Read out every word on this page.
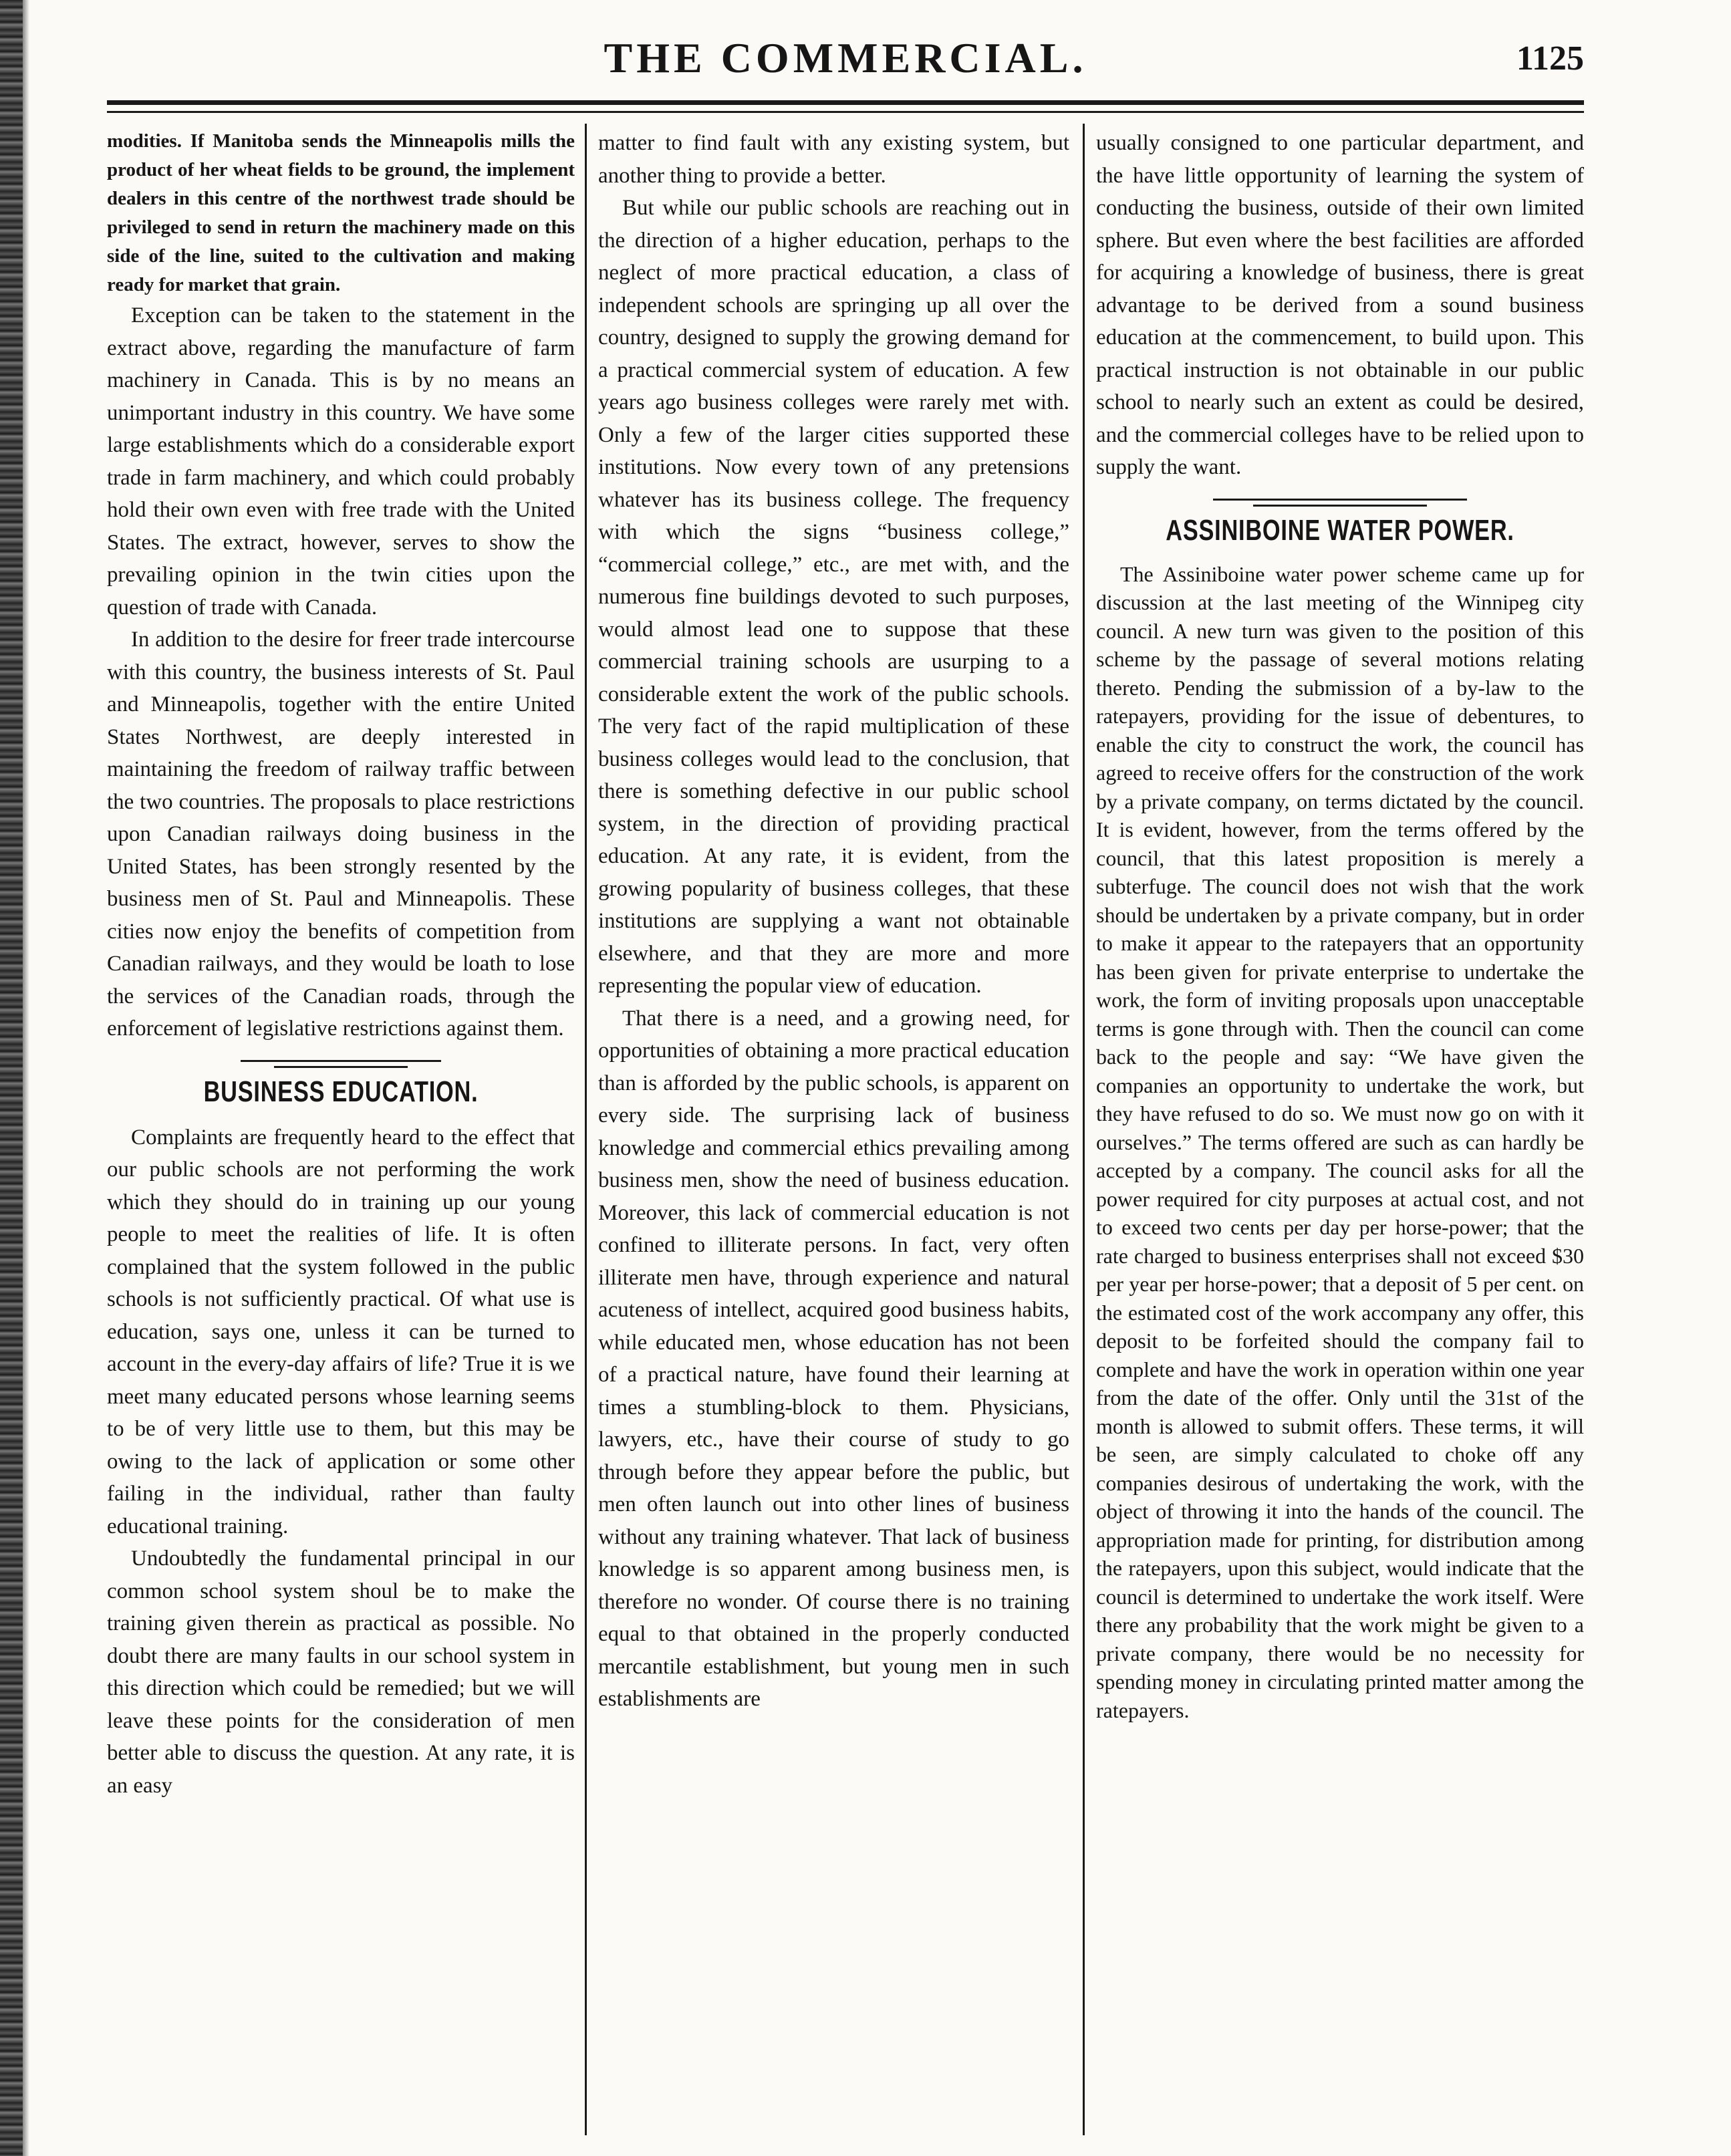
THE COMMERCIAL.	1125

modities. If Manitoba sends the Minneapolis mills the product of her wheat fields to be ground, the implement dealers in this centre of the northwest trade should be privileged to send in return the machinery made on this side of the line, suited to the cultivation and making ready for market that grain.

Exception can be taken to the statement in the extract above, regarding the manufacture of farm machinery in Canada. This is by no means an unimportant industry in this country. We have some large establishments which do a considerable export trade in farm machinery, and which could probably hold their own even with free trade with the United States. The extract, however, serves to show the prevailing opinion in the twin cities upon the question of trade with Canada.

In addition to the desire for freer trade intercourse with this country, the business interests of St. Paul and Minneapolis, together with the entire United States Northwest, are deeply interested in maintaining the freedom of railway traffic between the two countries. The proposals to place restrictions upon Canadian railways doing business in the United States, has been strongly resented by the business men of St. Paul and Minneapolis. These cities now enjoy the benefits of competition from Canadian railways, and they would be loath to lose the services of the Canadian roads, through the enforcement of legislative restrictions against them.

BUSINESS EDUCATION.

Complaints are frequently heard to the effect that our public schools are not performing the work which they should do in training up our young people to meet the realities of life. It is often complained that the system followed in the public schools is not sufficiently practical. Of what use is education, says one, unless it can be turned to account in the every-day affairs of life? True it is we meet many educated persons whose learning seems to be of very little use to them, but this may be owing to the lack of application or some other failing in the individual, rather than faulty educational training.

Undoubtedly the fundamental principal in our common school system shoul be to make the training given therein as practical as possible. No doubt there are many faults in our school system in this direction which could be remedied; but we will leave these points for the consideration of men better able to discuss the question. At any rate, it is an easy

matter to find fault with any existing system, but another thing to provide a better.

But while our public schools are reaching out in the direction of a higher education, perhaps to the neglect of more practical education, a class of independent schools are springing up all over the country, designed to supply the growing demand for a practical commercial system of education. A few years ago business colleges were rarely met with. Only a few of the larger cities supported these institutions. Now every town of any pretensions whatever has its business college. The frequency with which the signs “business college,” “commercial college,” etc., are met with, and the numerous fine buildings devoted to such purposes, would almost lead one to suppose that these commercial training schools are usurping to a considerable extent the work of the public schools. The very fact of the rapid multiplication of these business colleges would lead to the conclusion, that there is something defective in our public school system, in the direction of providing practical education. At any rate, it is evident, from the growing popularity of business colleges, that these institutions are supplying a want not obtainable elsewhere, and that they are more and more representing the popular view of education.

That there is a need, and a growing need, for opportunities of obtaining a more practical education than is afforded by the public schools, is apparent on every side. The surprising lack of business knowledge and commercial ethics prevailing among business men, show the need of business education. Moreover, this lack of commercial education is not confined to illiterate persons. In fact, very often illiterate men have, through experience and natural acuteness of intellect, acquired good business habits, while educated men, whose education has not been of a practical nature, have found their learning at times a stumbling-block to them. Physicians, lawyers, etc., have their course of study to go through before they appear before the public, but men often launch out into other lines of business without any training whatever. That lack of business knowledge is so apparent among business men, is therefore no wonder. Of course there is no training equal to that obtained in the properly conducted mercantile establishment, but young men in such establishments are

usually consigned to one particular department, and the have little opportunity of learning the system of conducting the business, outside of their own limited sphere. But even where the best facilities are afforded for acquiring a knowledge of business, there is great advantage to be derived from a sound business education at the commencement, to build upon. This practical instruction is not obtainable in our public school to nearly such an extent as could be desired, and the commercial colleges have to be relied upon to supply the want.

ASSINIBOINE WATER POWER.

The Assiniboine water power scheme came up for discussion at the last meeting of the Winnipeg city council. A new turn was given to the position of this scheme by the passage of several motions relating thereto. Pending the submission of a by-law to the ratepayers, providing for the issue of debentures, to enable the city to construct the work, the council has agreed to receive offers for the construction of the work by a private company, on terms dictated by the council. It is evident, however, from the terms offered by the council, that this latest proposition is merely a subterfuge. The council does not wish that the work should be undertaken by a private company, but in order to make it appear to the ratepayers that an opportunity has been given for private enterprise to undertake the work, the form of inviting proposals upon unacceptable terms is gone through with. Then the council can come back to the people and say: “We have given the companies an opportunity to undertake the work, but they have refused to do so. We must now go on with it ourselves.” The terms offered are such as can hardly be accepted by a company. The council asks for all the power required for city purposes at actual cost, and not to exceed two cents per day per horse-power; that the rate charged to business enterprises shall not exceed $30 per year per horse-power; that a deposit of 5 per cent. on the estimated cost of the work accompany any offer, this deposit to be forfeited should the company fail to complete and have the work in operation within one year from the date of the offer. Only until the 31st of the month is allowed to submit offers. These terms, it will be seen, are simply calculated to choke off any companies desirous of undertaking the work, with the object of throwing it into the hands of the council. The appropriation made for printing, for distribution among the ratepayers, upon this subject, would indicate that the council is determined to undertake the work itself. Were there any probability that the work might be given to a private company, there would be no necessity for spending money in circulating printed matter among the ratepayers.
